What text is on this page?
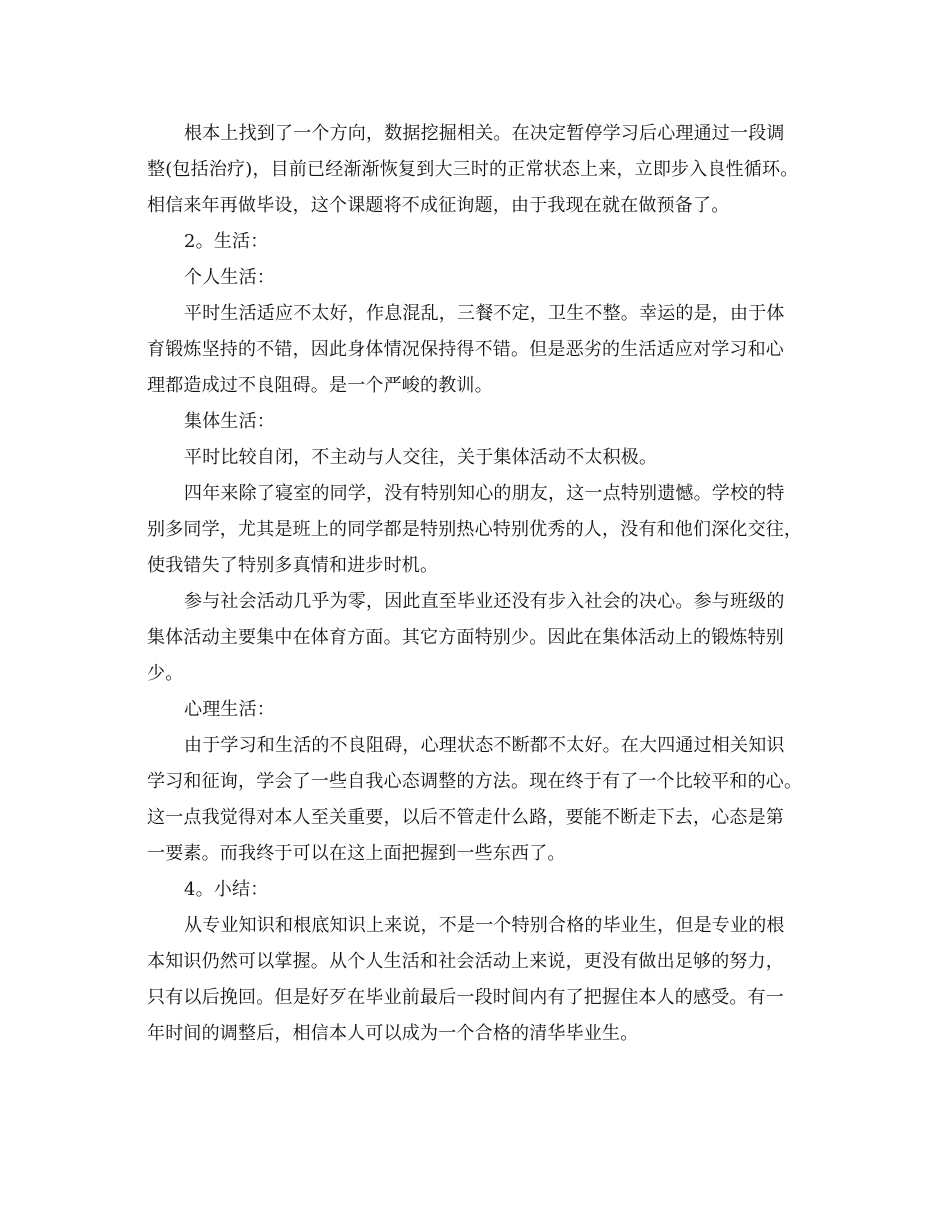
根本上找到了一个方向，数据挖掘相关。在决定暂停学习后心理通过一段调
整(包括治疗)，目前已经渐渐恢复到大三时的正常状态上来，立即步入良性循环。
相信来年再做毕设，这个课题将不成征询题，由于我现在就在做预备了。
2。生活：
个人生活：
平时生活适应不太好，作息混乱，三餐不定，卫生不整。幸运的是，由于体
育锻炼坚持的不错，因此身体情况保持得不错。但是恶劣的生活适应对学习和心
理都造成过不良阻碍。是一个严峻的教训。
集体生活：
平时比较自闭，不主动与人交往，关于集体活动不太积极。
四年来除了寝室的同学，没有特别知心的朋友，这一点特别遗憾。学校的特
别多同学，尤其是班上的同学都是特别热心特别优秀的人，没有和他们深化交往，
使我错失了特别多真情和进步时机。
参与社会活动几乎为零，因此直至毕业还没有步入社会的决心。参与班级的
集体活动主要集中在体育方面。其它方面特别少。因此在集体活动上的锻炼特别
少。
心理生活：
由于学习和生活的不良阻碍，心理状态不断都不太好。在大四通过相关知识
学习和征询，学会了一些自我心态调整的方法。现在终于有了一个比较平和的心。
这一点我觉得对本人至关重要，以后不管走什么路，要能不断走下去，心态是第
一要素。而我终于可以在这上面把握到一些东西了。
4。小结：
从专业知识和根底知识上来说，不是一个特别合格的毕业生，但是专业的根
本知识仍然可以掌握。从个人生活和社会活动上来说，更没有做出足够的努力，
只有以后挽回。但是好歹在毕业前最后一段时间内有了把握住本人的感受。有一
年时间的调整后，相信本人可以成为一个合格的清华毕业生。
